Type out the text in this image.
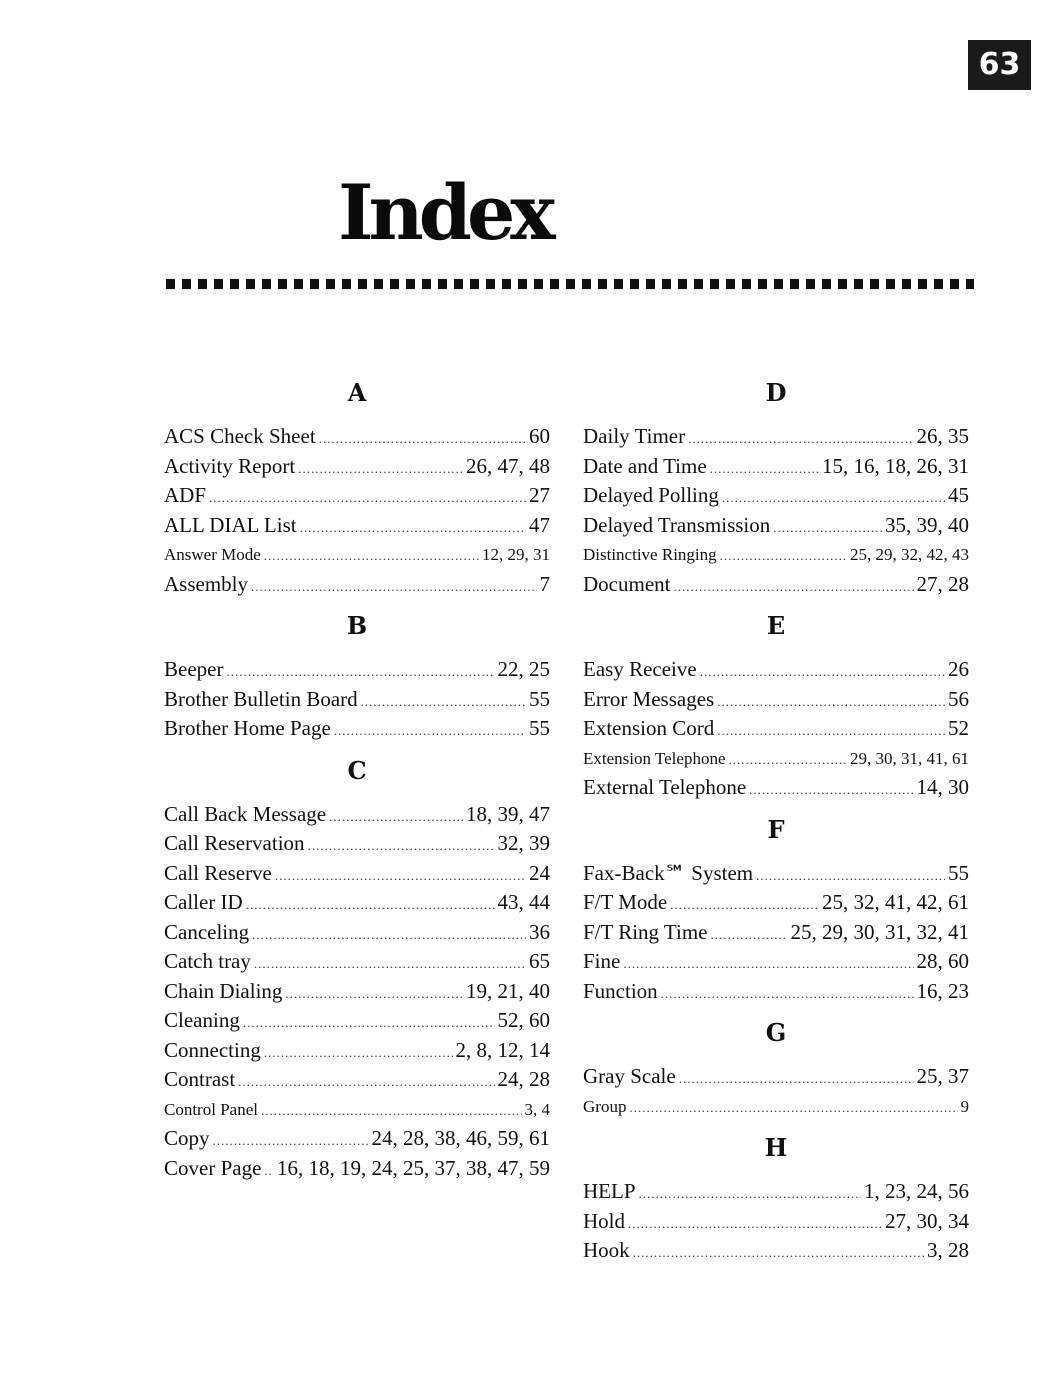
63
Index
A
ACS Check Sheet .....	60
Activity Report .....	26, 47, 48
ADF .....	27
ALL DIAL List .....	47
Answer Mode .....	12, 29, 31
Assembly .....	7
B
Beeper .....	22, 25
Brother Bulletin Board .....	55
Brother Home Page .....	55
C
Call Back Message .....	18, 39, 47
Call Reservation .....	32, 39
Call Reserve .....	24
Caller ID .....	43, 44
Canceling .....	36
Catch tray .....	65
Chain Dialing .....	19, 21, 40
Cleaning .....	52, 60
Connecting .....	2, 8, 12, 14
Contrast .....	24, 28
Control Panel .....	3, 4
Copy .....	24, 28, 38, 46, 59, 61
Cover Page ..... 16, 18, 19, 24, 25, 37, 38, 47, 59
D
Daily Timer .....	26, 35
Date and Time .....	15, 16, 18, 26, 31
Delayed Polling .....	45
Delayed Transmission .....	35, 39, 40
Distinctive Ringing .....	25, 29, 32, 42, 43
Document .....	27, 28
E
Easy Receive .....	26
Error Messages .....	56
Extension Cord .....	52
Extension Telephone .....	29, 30, 31, 41, 61
External Telephone .....	14, 30
F
Fax-Back℠ System .....	55
F/T Mode .....	25, 32, 41, 42, 61
F/T Ring Time .....	25, 29, 30, 31, 32, 41
Fine .....	28, 60
Function .....	16, 23
G
Gray Scale .....	25, 37
Group .....	9
H
HELP .....	1, 23, 24, 56
Hold .....	27, 30, 34
Hook .....	3, 28
